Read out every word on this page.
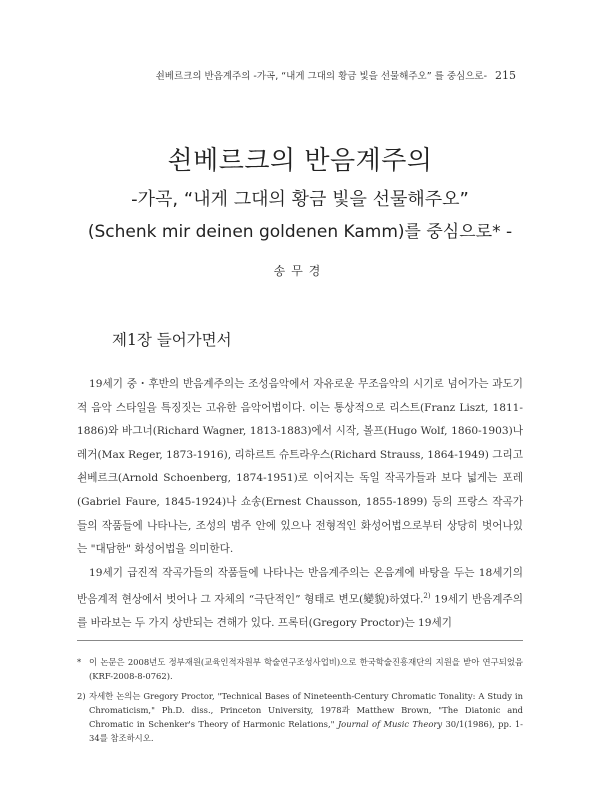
쇤베르크의 반음계주의 -가곡, “내게 그대의 황금 빛을 선물해주오” 를 중심으로- 215
쇤베르크의 반음계주의
-가곡, “내게 그대의 황금 빛을 선물해주오”
(Schenk mir deinen goldenen Kamm)를 중심으로* -
송무경
제1장 들어가면서

19세기 중・후반의 반음계주의는 조성음악에서 자유로운 무조음악의 시기로 넘어가는 과도기적 음악 스타일을 특징짓는 고유한 음악어법이다. 이는 통상적으로 리스트(Franz Liszt, 1811-1886)와 바그너(Richard Wagner, 1813-1883)에서 시작, 볼프(Hugo Wolf, 1860-1903)나 레거(Max Reger, 1873-1916), 리하르트 슈트라우스(Richard Strauss, 1864-1949) 그리고 쇤베르크(Arnold Schoenberg, 1874-1951)로 이어지는 독일 작곡가들과 보다 넓게는 포레(Gabriel Faure, 1845-1924)나 쇼송(Ernest Chausson, 1855-1899) 등의 프랑스 작곡가들의 작품들에 나타나는, 조성의 범주 안에 있으나 전형적인 화성어법으로부터 상당히 벗어나있는 "대담한" 화성어법을 의미한다.

19세기 급진적 작곡가들의 작품들에 나타나는 반음계주의는 온음계에 바탕을 두는 18세기의 반음계적 현상에서 벗어나 그 자체의 “극단적인” 형태로 변모(變貌)하였다.$^{2)}$ 19세기 반음계주의를 바라보는 두 가지 상반되는 견해가 있다. 프록터(Gregory Proctor)는 19세기

* 이 논문은 2008년도 정부재원(교육인적자원부 학술연구조성사업비)으로 한국학술진흥재단의 지원을 받아 연구되었음(KRF-2008-8-0762).
2) 자세한 논의는 Gregory Proctor, "Technical Bases of Nineteenth-Century Chromatic Tonality: A Study in Chromaticism," Ph.D. diss., Princeton University, 1978과 Matthew Brown, "The Diatonic and Chromatic in Schenker's Theory of Harmonic Relations," Journal of Music Theory 30/1(1986), pp. 1-34를 참조하시오.
